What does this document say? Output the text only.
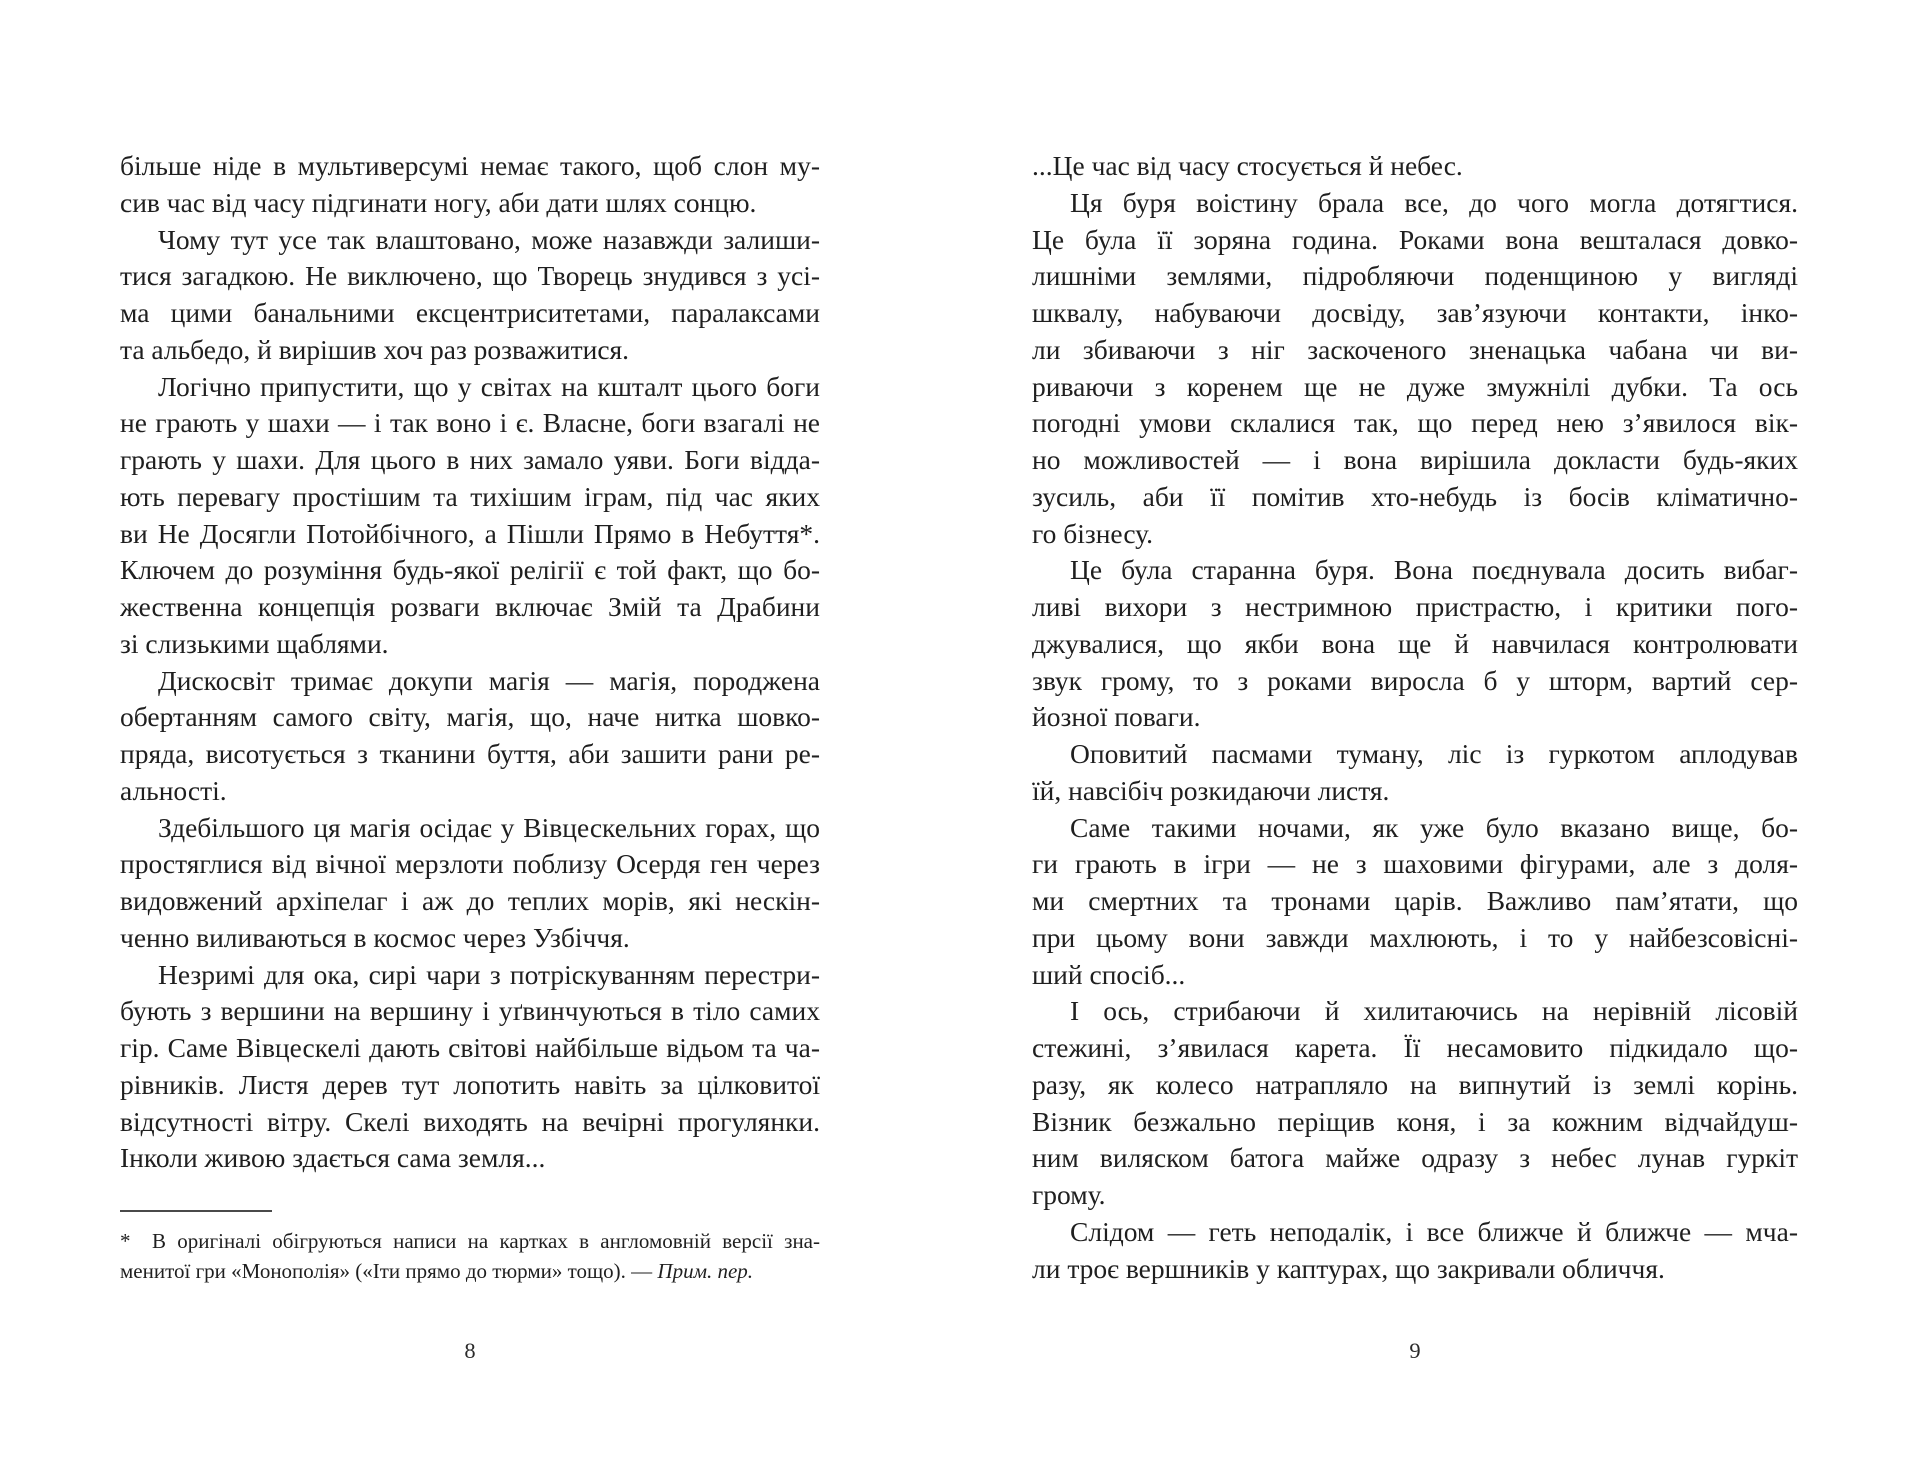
більше ніде в мультиверсумі немає такого, щоб слон му-
сив час від часу підгинати ногу, аби дати шлях сонцю.
Чому тут усе так влаштовано, може назавжди залиши-
тися загадкою. Не виключено, що Творець знудився з усі-
ма цими банальними ексцентриситетами, паралаксами
та альбедо, й вирішив хоч раз розважитися.
Логічно припустити, що у світах на кшталт цього боги
не грають у шахи — і так воно і є. Власне, боги взагалі не
грають у шахи. Для цього в них замало уяви. Боги відда-
ють перевагу простішим та тихішим іграм, під час яких
ви Не Досягли Потойбічного, а Пішли Прямо в Небуття*.
Ключем до розуміння будь-якої релігії є той факт, що бо-
жественна концепція розваги включає Змій та Драбини
зі слизькими щаблями.
Дискосвіт тримає докупи магія — магія, породжена
обертанням самого світу, магія, що, наче нитка шовко-
пряда, висотується з тканини буття, аби зашити рани ре-
альності.
Здебільшого ця магія осідає у Вівцескельних горах, що
простяглися від вічної мерзлоти поблизу Осердя ген через
видовжений архіпелаг і аж до теплих морів, які нескін-
ченно виливаються в космос через Узбіччя.
Незримі для ока, сирі чари з потріскуванням перестри-
бують з вершини на вершину і уґвинчуються в тіло самих
гір. Саме Вівцескелі дають світові найбільше відьом та ча-
рівників. Листя дерев тут лопотить навіть за цілковитої
відсутності вітру. Скелі виходять на вечірні прогулянки.
Інколи живою здається сама земля...
* В оригіналі обігруються написи на картках в англомовній версії зна-
менитої гри «Монополія» («Іти прямо до тюрми» тощо). — Прим. пер.
8
...Це час від часу стосується й небес.
Ця буря воістину брала все, до чого могла дотягтися.
Це була її зоряна година. Роками вона вешталася довко-
лишніми землями, підробляючи поденщиною у вигляді
шквалу, набуваючи досвіду, зав’язуючи контакти, інко-
ли збиваючи з ніг заскоченого зненацька чабана чи ви-
риваючи з коренем ще не дуже змужнілі дубки. Та ось
погодні умови склалися так, що перед нею з’явилося вік-
но можливостей — і вона вирішила докласти будь-яких
зусиль, аби її помітив хто-небудь із босів кліматично-
го бізнесу.
Це була старанна буря. Вона поєднувала досить вибаг-
ливі вихори з нестримною пристрастю, і критики пого-
джувалися, що якби вона ще й навчилася контролювати
звук грому, то з роками виросла б у шторм, вартий сер-
йозної поваги.
Оповитий пасмами туману, ліс із гуркотом аплодував
їй, навсібіч розкидаючи листя.
Саме такими ночами, як уже було вказано вище, бо-
ги грають в ігри — не з шаховими фігурами, але з доля-
ми смертних та тронами царів. Важливо пам’ятати, що
при цьому вони завжди махлюють, і то у найбезсовісні-
ший спосіб...
І ось, стрибаючи й хилитаючись на нерівній лісовій
стежині, з’явилася карета. Її несамовито підкидало що-
разу, як колесо натрапляло на випнутий із землі корінь.
Візник безжально періщив коня, і за кожним відчайдуш-
ним виляском батога майже одразу з небес лунав гуркіт
грому.
Слідом — геть неподалік, і все ближче й ближче — мча-
ли троє вершників у каптурах, що закривали обличчя.
9
